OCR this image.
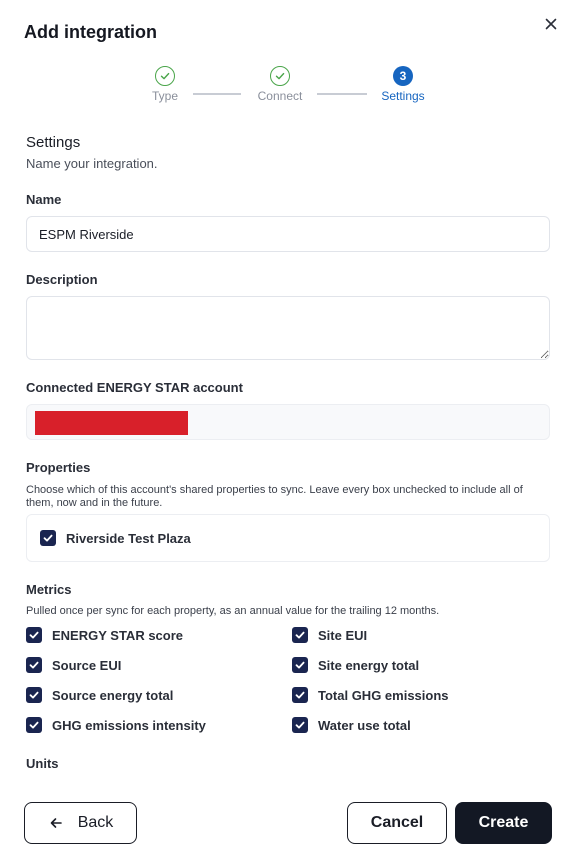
Add integration
Type	Connect
3
Settings
Settings
Name your integration.
Name
ESPM Riverside
Description
Connected ENERGY STAR account
Properties
Choose which of this account's shared properties to sync. Leave every box unchecked to include all of them, now and in the future.
Riverside Test Plaza
Metrics
Pulled once per sync for each property, as an annual value for the trailing 12 months.
ENERGY STAR score	Site EUI
Source EUI	Site energy total
Source energy total	Total GHG emissions
GHG emissions intensity	Water use total
Units
Back	Cancel	Create
